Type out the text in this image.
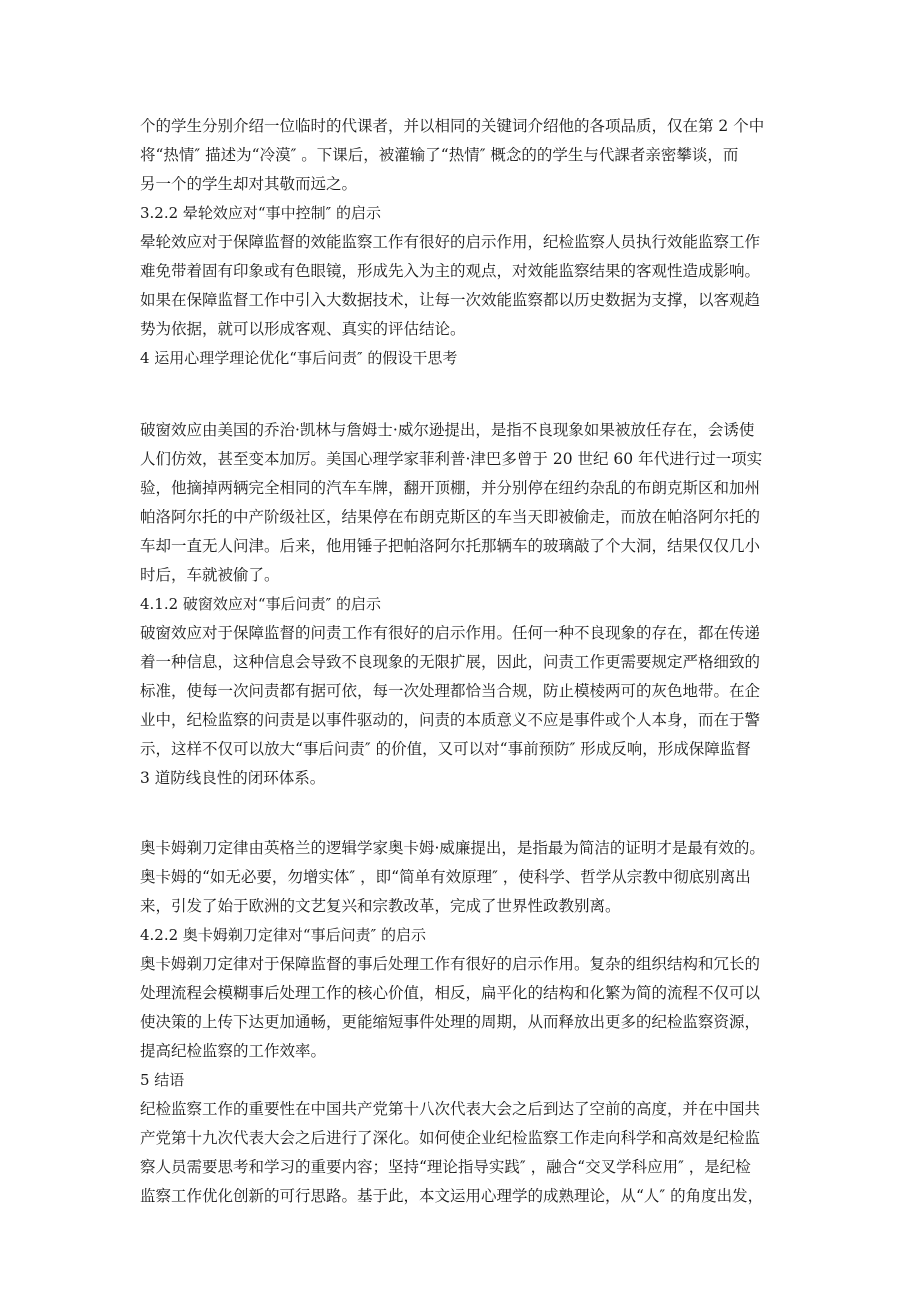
个的学生分别介绍一位临时的代课者，并以相同的关键词介绍他的各项品质，仅在第 2 个中
将“热情″ 描述为“冷漠″ 。下课后，被灌输了“热情″ 概念的的学生与代課者亲密攀谈，而
另一个的学生却对其敬而远之。
3.2.2 晕轮效应对“事中控制″ 的启示
晕轮效应对于保障监督的效能监察工作有很好的启示作用，纪检监察人员执行效能监察工作
难免带着固有印象或有色眼镜，形成先入为主的观点，对效能监察结果的客观性造成影响。
如果在保障监督工作中引入大数据技术，让每一次效能监察都以历史数据为支撑，以客观趋
势为依据，就可以形成客观、真实的评估结论。
4 运用心理学理论优化“事后问责″ 的假设干思考
破窗效应由美国的乔治·凯林与詹姆士·威尔逊提出，是指不良现象如果被放任存在，会诱使
人们仿效，甚至变本加厉。美国心理学家菲利普·津巴多曾于 20 世纪 60 年代进行过一项实
验，他摘掉两辆完全相同的汽车车牌，翻开顶棚，并分别停在纽约杂乱的布朗克斯区和加州
帕洛阿尔托的中产阶级社区，结果停在布朗克斯区的车当天即被偷走，而放在帕洛阿尔托的
车却一直无人问津。后来，他用锤子把帕洛阿尔托那辆车的玻璃敲了个大洞，结果仅仅几小
时后，车就被偷了。
4.1.2 破窗效应对“事后问责″ 的启示
破窗效应对于保障监督的问责工作有很好的启示作用。任何一种不良现象的存在，都在传递
着一种信息，这种信息会导致不良现象的无限扩展，因此，问责工作更需要规定严格细致的
标准，使每一次问责都有据可依，每一次处理都恰当合规，防止模棱两可的灰色地带。在企
业中，纪检监察的问责是以事件驱动的，问责的本质意义不应是事件或个人本身，而在于警
示，这样不仅可以放大“事后问责″ 的价值，又可以对“事前预防″ 形成反响，形成保障监督
3 道防线良性的闭环体系。
奥卡姆剃刀定律由英格兰的逻辑学家奥卡姆·威廉提出，是指最为简洁的证明才是最有效的。
奥卡姆的“如无必要，勿增实体″ ，即“简单有效原理″ ，使科学、哲学从宗教中彻底别离出
来，引发了始于欧洲的文艺复兴和宗教改革，完成了世界性政教别离。
4.2.2 奥卡姆剃刀定律对“事后问责″ 的启示
奥卡姆剃刀定律对于保障监督的事后处理工作有很好的启示作用。复杂的组织结构和冗长的
处理流程会模糊事后处理工作的核心价值，相反，扁平化的结构和化繁为简的流程不仅可以
使决策的上传下达更加通畅，更能缩短事件处理的周期，从而释放出更多的纪检监察资源，
提高纪检监察的工作效率。
5 结语
纪检监察工作的重要性在中国共产党第十八次代表大会之后到达了空前的高度，并在中国共
产党第十九次代表大会之后进行了深化。如何使企业纪检监察工作走向科学和高效是纪检监
察人员需要思考和学习的重要内容；坚持“理论指导实践″ ，融合“交叉学科应用″ ，是纪检
监察工作优化创新的可行思路。基于此，本文运用心理学的成熟理论，从“人″ 的角度出发，
